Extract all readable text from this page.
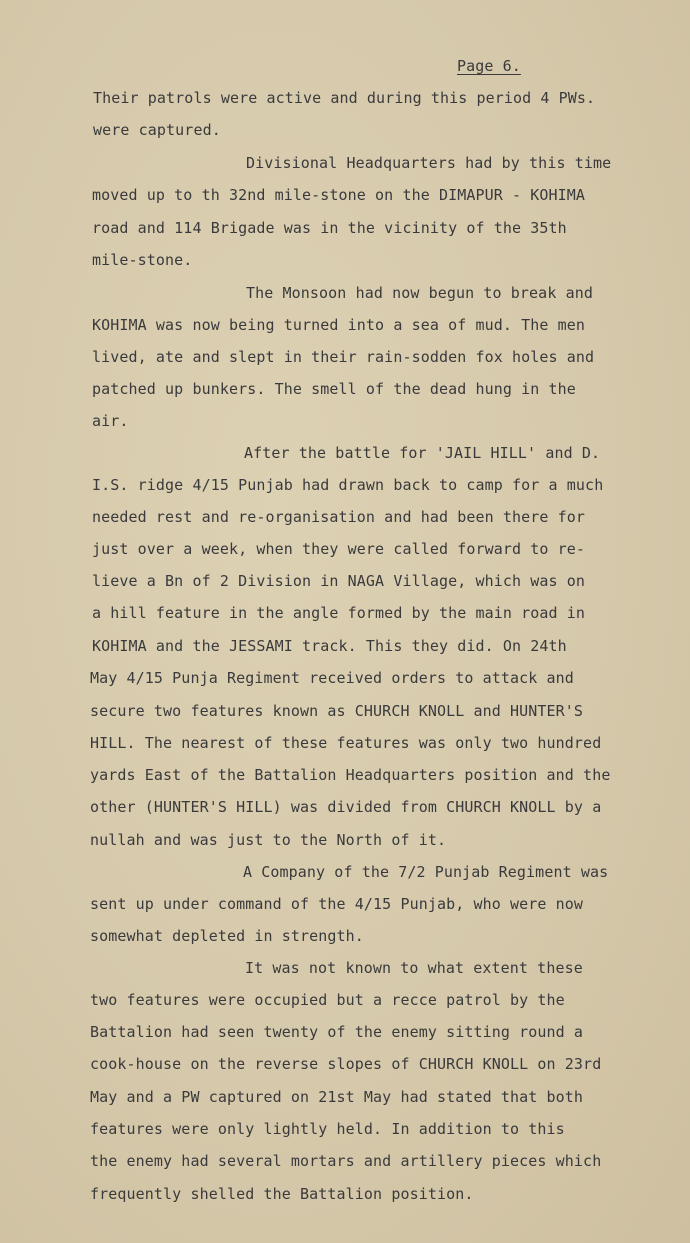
Page 6.
Their patrols were active and during this period 4 PWs.
were captured.
Divisional Headquarters had by this time
moved up to th 32nd mile-stone on the DIMAPUR - KOHIMA
road and 114 Brigade was in the vicinity of the 35th
mile-stone.
The Monsoon had now begun to break and
KOHIMA was now being turned into a sea of mud. The men
lived, ate and slept in their rain-sodden fox holes and
patched up bunkers. The smell of the dead hung in the
air.
After the battle for 'JAIL HILL' and D.
I.S. ridge 4/15 Punjab had drawn back to camp for a much
needed rest and re-organisation and had been there for
just over a week, when they were called forward to re-
lieve a Bn of 2 Division in NAGA Village, which was on
a hill feature in the angle formed by the main road in
KOHIMA and the JESSAMI track. This they did. On 24th
May 4/15 Punja Regiment received orders to attack and
secure two features known as CHURCH KNOLL and HUNTER'S
HILL. The nearest of these features was only two hundred
yards East of the Battalion Headquarters position and the
other (HUNTER'S HILL) was divided from CHURCH KNOLL by a
nullah and was just to the North of it.
A Company of the 7/2 Punjab Regiment was
sent up under command of the 4/15 Punjab, who were now
somewhat depleted in strength.
It was not known to what extent these
two features were occupied but a recce patrol by the
Battalion had seen twenty of the enemy sitting round a
cook-house on the reverse slopes of CHURCH KNOLL on 23rd
May and a PW captured on 21st May had stated that both
features were only lightly held. In addition to this
the enemy had several mortars and artillery pieces which
frequently shelled the Battalion position.
